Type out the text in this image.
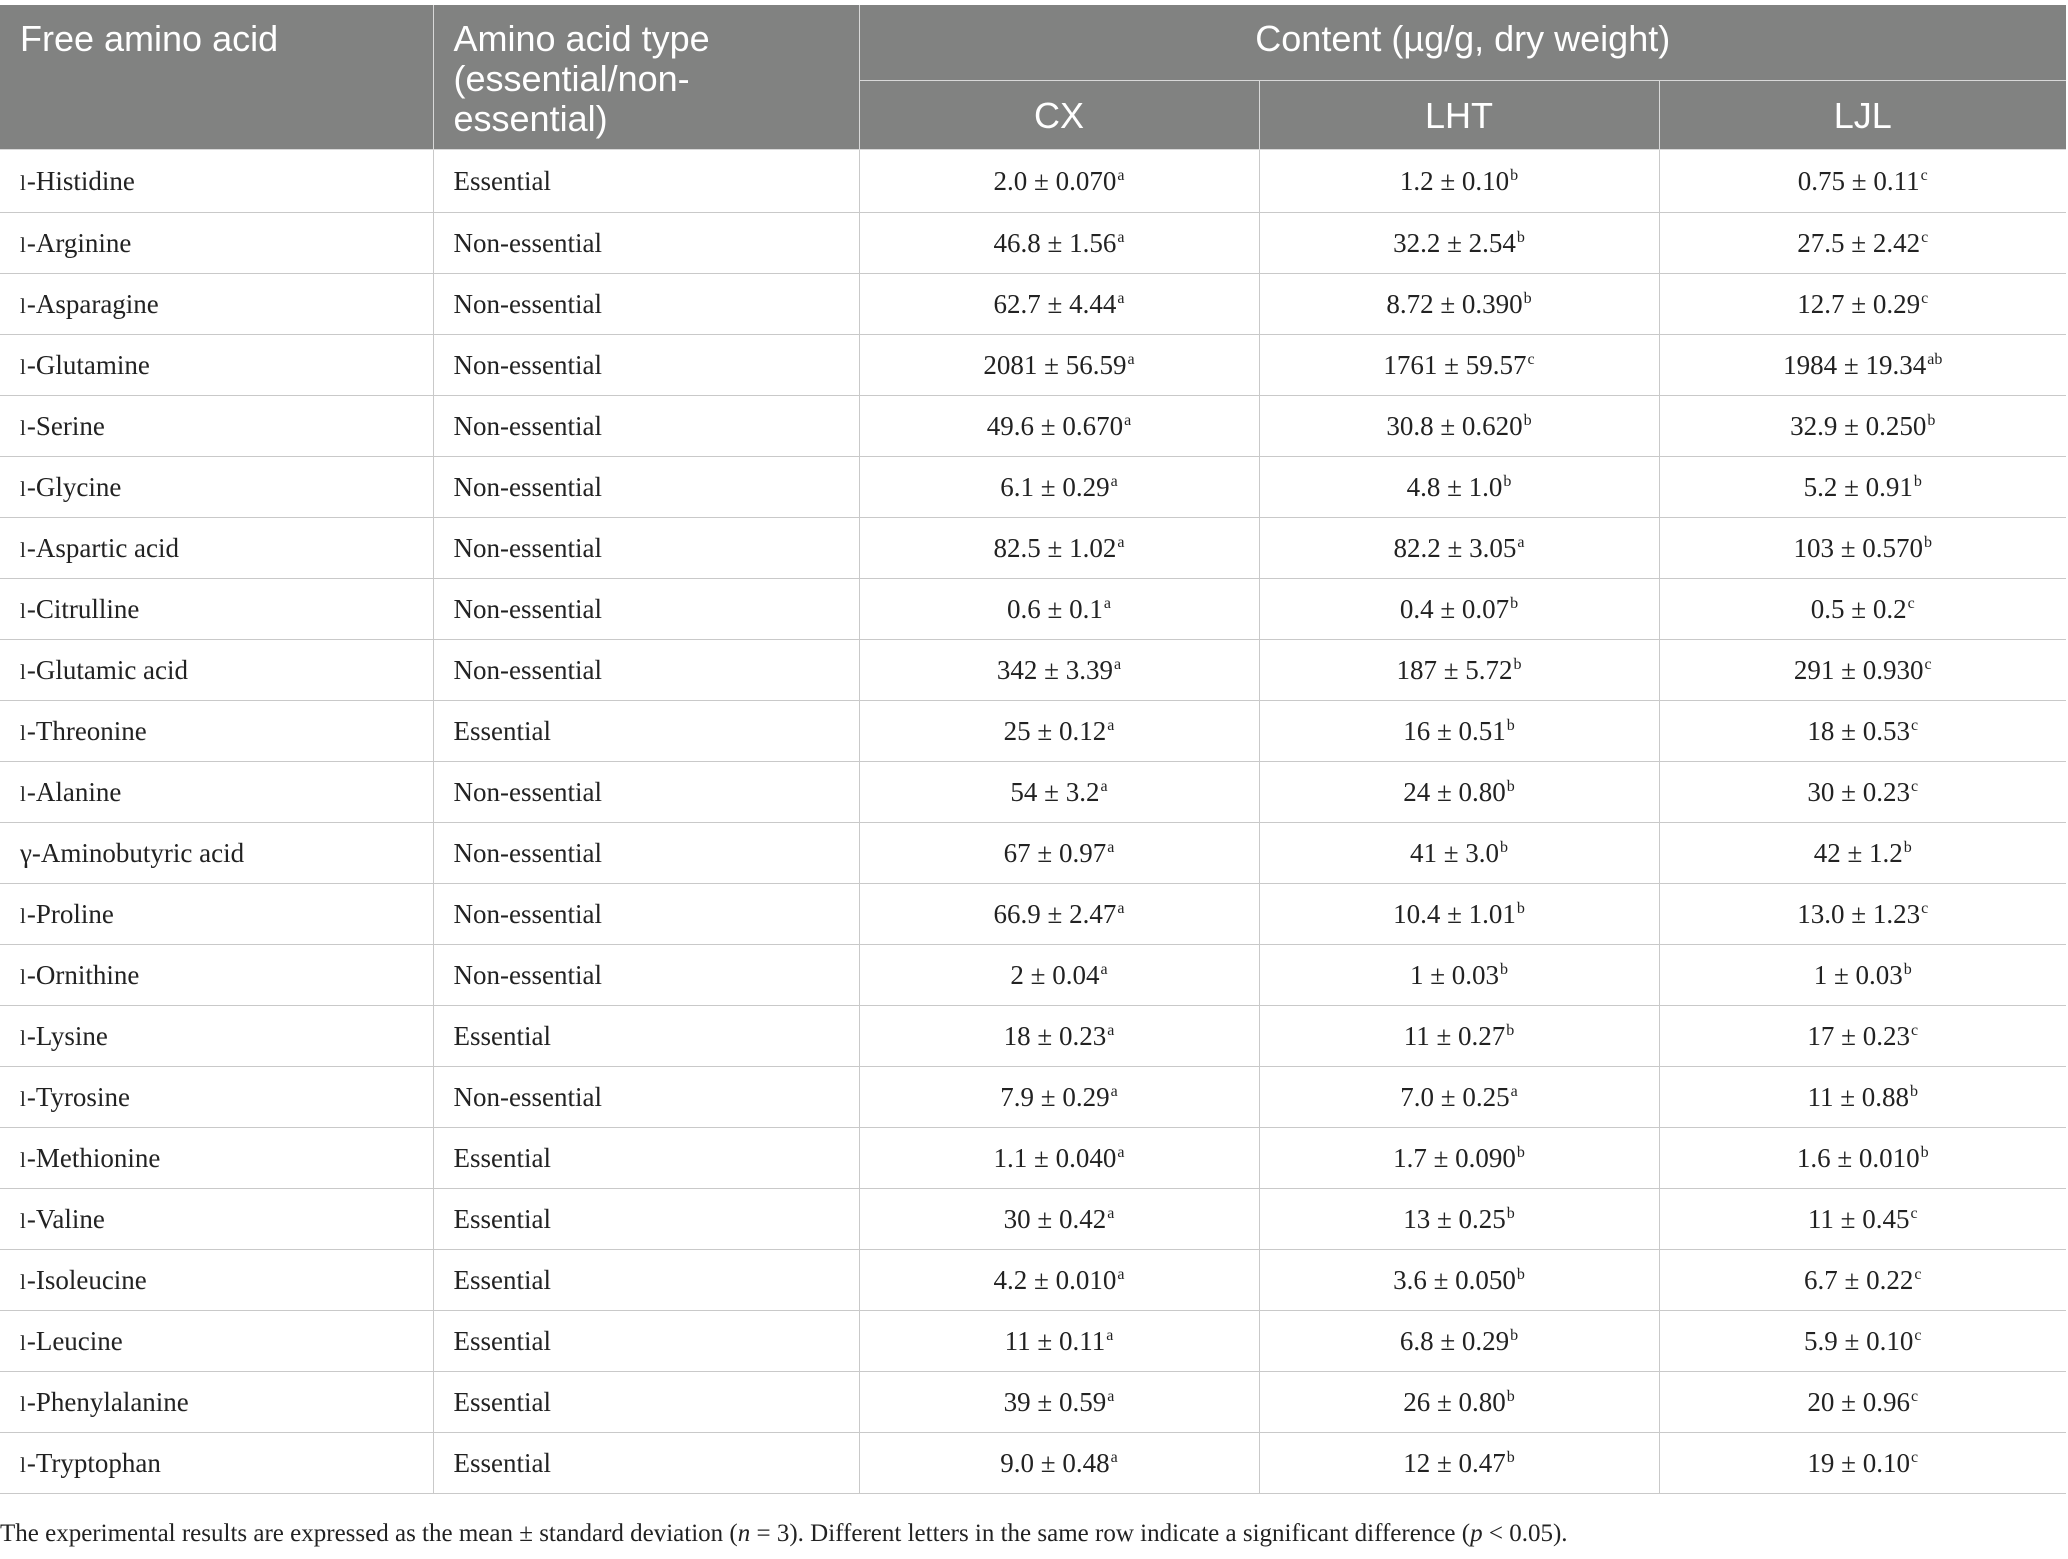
Free amino acid	Amino acid type (essential/non-essential)	Content (µg/g, dry weight)		
		CX	LHT	LJL
l-Histidine	Essential	2.0 ± 0.070$^a$	1.2 ± 0.10$^b$	0.75 ± 0.11$^c$
l-Arginine	Non-essential	46.8 ± 1.56$^a$	32.2 ± 2.54$^b$	27.5 ± 2.42$^c$
l-Asparagine	Non-essential	62.7 ± 4.44$^a$	8.72 ± 0.390$^b$	12.7 ± 0.29$^c$
l-Glutamine	Non-essential	2081 ± 56.59$^a$	1761 ± 59.57$^c$	1984 ± 19.34$^{ab}$
l-Serine	Non-essential	49.6 ± 0.670$^a$	30.8 ± 0.620$^b$	32.9 ± 0.250$^b$
l-Glycine	Non-essential	6.1 ± 0.29$^a$	4.8 ± 1.0$^b$	5.2 ± 0.91$^b$
l-Aspartic acid	Non-essential	82.5 ± 1.02$^a$	82.2 ± 3.05$^a$	103 ± 0.570$^b$
l-Citrulline	Non-essential	0.6 ± 0.1$^a$	0.4 ± 0.07$^b$	0.5 ± 0.2$^c$
l-Glutamic acid	Non-essential	342 ± 3.39$^a$	187 ± 5.72$^b$	291 ± 0.930$^c$
l-Threonine	Essential	25 ± 0.12$^a$	16 ± 0.51$^b$	18 ± 0.53$^c$
l-Alanine	Non-essential	54 ± 3.2$^a$	24 ± 0.80$^b$	30 ± 0.23$^c$
γ-Aminobutyric acid	Non-essential	67 ± 0.97$^a$	41 ± 3.0$^b$	42 ± 1.2$^b$
l-Proline	Non-essential	66.9 ± 2.47$^a$	10.4 ± 1.01$^b$	13.0 ± 1.23$^c$
l-Ornithine	Non-essential	2 ± 0.04$^a$	1 ± 0.03$^b$	1 ± 0.03$^b$
l-Lysine	Essential	18 ± 0.23$^a$	11 ± 0.27$^b$	17 ± 0.23$^c$
l-Tyrosine	Non-essential	7.9 ± 0.29$^a$	7.0 ± 0.25$^a$	11 ± 0.88$^b$
l-Methionine	Essential	1.1 ± 0.040$^a$	1.7 ± 0.090$^b$	1.6 ± 0.010$^b$
l-Valine	Essential	30 ± 0.42$^a$	13 ± 0.25$^b$	11 ± 0.45$^c$
l-Isoleucine	Essential	4.2 ± 0.010$^a$	3.6 ± 0.050$^b$	6.7 ± 0.22$^c$
l-Leucine	Essential	11 ± 0.11$^a$	6.8 ± 0.29$^b$	5.9 ± 0.10$^c$
l-Phenylalanine	Essential	39 ± 0.59$^a$	26 ± 0.80$^b$	20 ± 0.96$^c$
l-Tryptophan	Essential	9.0 ± 0.48$^a$	12 ± 0.47$^b$	19 ± 0.10$^c$
The experimental results are expressed as the mean ± standard deviation (n = 3). Different letters in the same row indicate a significant difference (p < 0.05).
